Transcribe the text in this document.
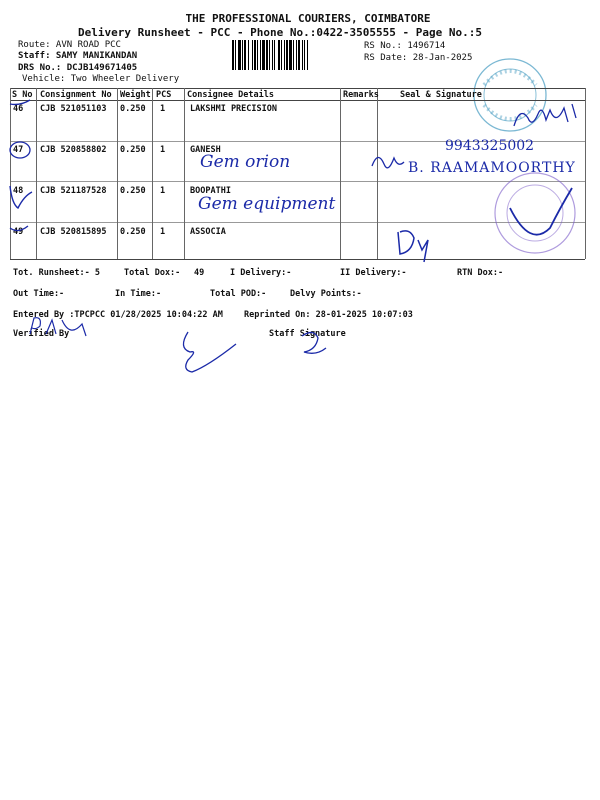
THE PROFESSIONAL COURIERS, COIMBATORE
Delivery Runsheet - PCC - Phone No.:0422-3505555 - Page No.:5
Route: AVN ROAD PCC
Staff: SAMY MANIKANDAN
DRS No.: DCJB149671405
Vehicle: Two Wheeler Delivery
RS No.: 1496714
RS Date: 28-Jan-2025
S No Consignment No Weight PCS Consignee Details	Remarks Seal & Signature
46 CJB 521051103 0.250 1	LAKSHMI PRECISION
47 CJB 520858802 0.250 1	GANESH
Gem orion
48 CJB 521187528 0.250 1	BOOPATHI
Gem equipment
49 CJB 520815895 0.250 1	ASSOCIA
9943325002
B. RAAMAMOORTHY
Tot. Runsheet:- 5	Total Dox:- 49	I Delivery:-	II Delivery:-	RTN Dox:-
Out Time:-	In Time:-	Total POD:-	Delvy Points:-
Entered By :TPCPCC 01/28/2025 10:04:22 AM Reprinted On: 28-01-2025 10:07:03
Verified By	Staff Signature
